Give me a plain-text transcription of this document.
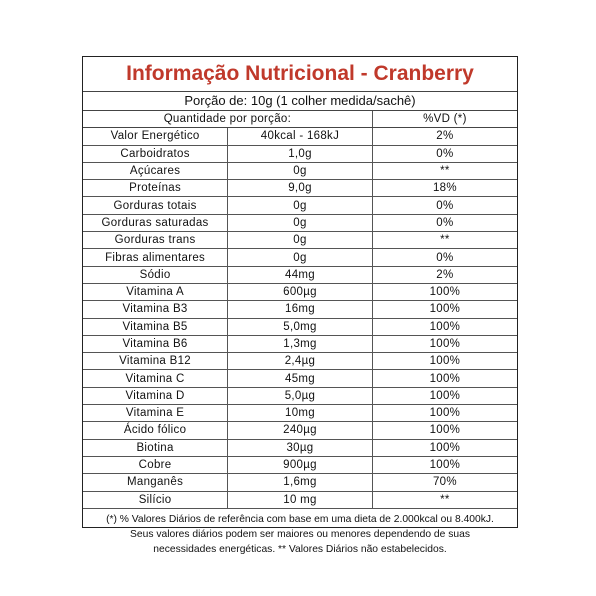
Informação Nutricional - Cranberry
Porção de: 10g (1 colher medida/sachê)
Quantidade por porção:		%VD (*)
Valor Energético	40kcal - 168kJ	2%
Carboidratos	1,0g	0%
Açúcares	0g	**
Proteínas	9,0g	18%
Gorduras totais	0g	0%
Gorduras saturadas	0g	0%
Gorduras trans	0g	**
Fibras alimentares	0g	0%
Sódio	44mg	2%
Vitamina A	600µg	100%
Vitamina B3	16mg	100%
Vitamina B5	5,0mg	100%
Vitamina B6	1,3mg	100%
Vitamina B12	2,4µg	100%
Vitamina C	45mg	100%
Vitamina D	5,0µg	100%
Vitamina E	10mg	100%
Ácido fólico	240µg	100%
Biotina	30µg	100%
Cobre	900µg	100%
Manganês	1,6mg	70%
Silício	10 mg	**
(*) % Valores Diários de referência com base em uma dieta de 2.000kcal ou 8.400kJ.
Seus valores diários podem ser maiores ou menores dependendo de suas
necessidades energéticas. ** Valores Diários não estabelecidos.
